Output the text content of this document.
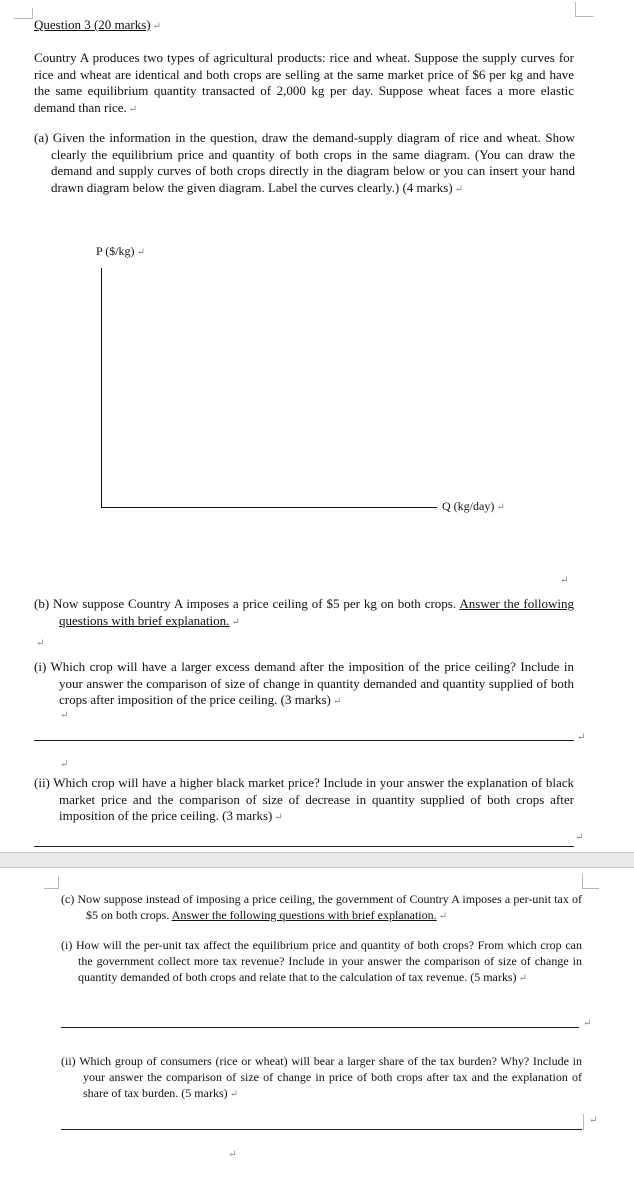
Question 3 (20 marks) ↵
Country A produces two types of agricultural products: rice and wheat. Suppose the supply curves for rice and wheat are identical and both crops are selling at the same market price of $6 per kg and have the same equilibrium quantity transacted of 2,000 kg per day. Suppose wheat faces a more elastic demand than rice. ↵
(a) Given the information in the question, draw the demand-supply diagram of rice and wheat. Show clearly the equilibrium price and quantity of both crops in the same diagram. (You can draw the demand and supply curves of both crops directly in the diagram below or you can insert your hand drawn diagram below the given diagram. Label the curves clearly.) (4 marks) ↵
P ($/kg) ↵
Q (kg/day) ↵
↵
(b) Now suppose Country A imposes a price ceiling of $5 per kg on both crops. Answer the following questions with brief explanation. ↵
↵
(i) Which crop will have a larger excess demand after the imposition of the price ceiling? Include in your answer the comparison of size of change in quantity demanded and quantity supplied of both crops after imposition of the price ceiling. (3 marks) ↵
↵
↵
↵
(ii) Which crop will have a higher black market price? Include in your answer the explanation of black market price and the comparison of size of decrease in quantity supplied of both crops after imposition of the price ceiling. (3 marks) ↵
↵
(c) Now suppose instead of imposing a price ceiling, the government of Country A imposes a per-unit tax of $5 on both crops. Answer the following questions with brief explanation. ↵
(i) How will the per-unit tax affect the equilibrium price and quantity of both crops? From which crop can the government collect more tax revenue? Include in your answer the comparison of size of change in quantity demanded of both crops and relate that to the calculation of tax revenue. (5 marks) ↵
↵
(ii) Which group of consumers (rice or wheat) will bear a larger share of the tax burden? Why? Include in your answer the comparison of size of change in price of both crops after tax and the explanation of share of tax burden. (5 marks) ↵
↵
↵
